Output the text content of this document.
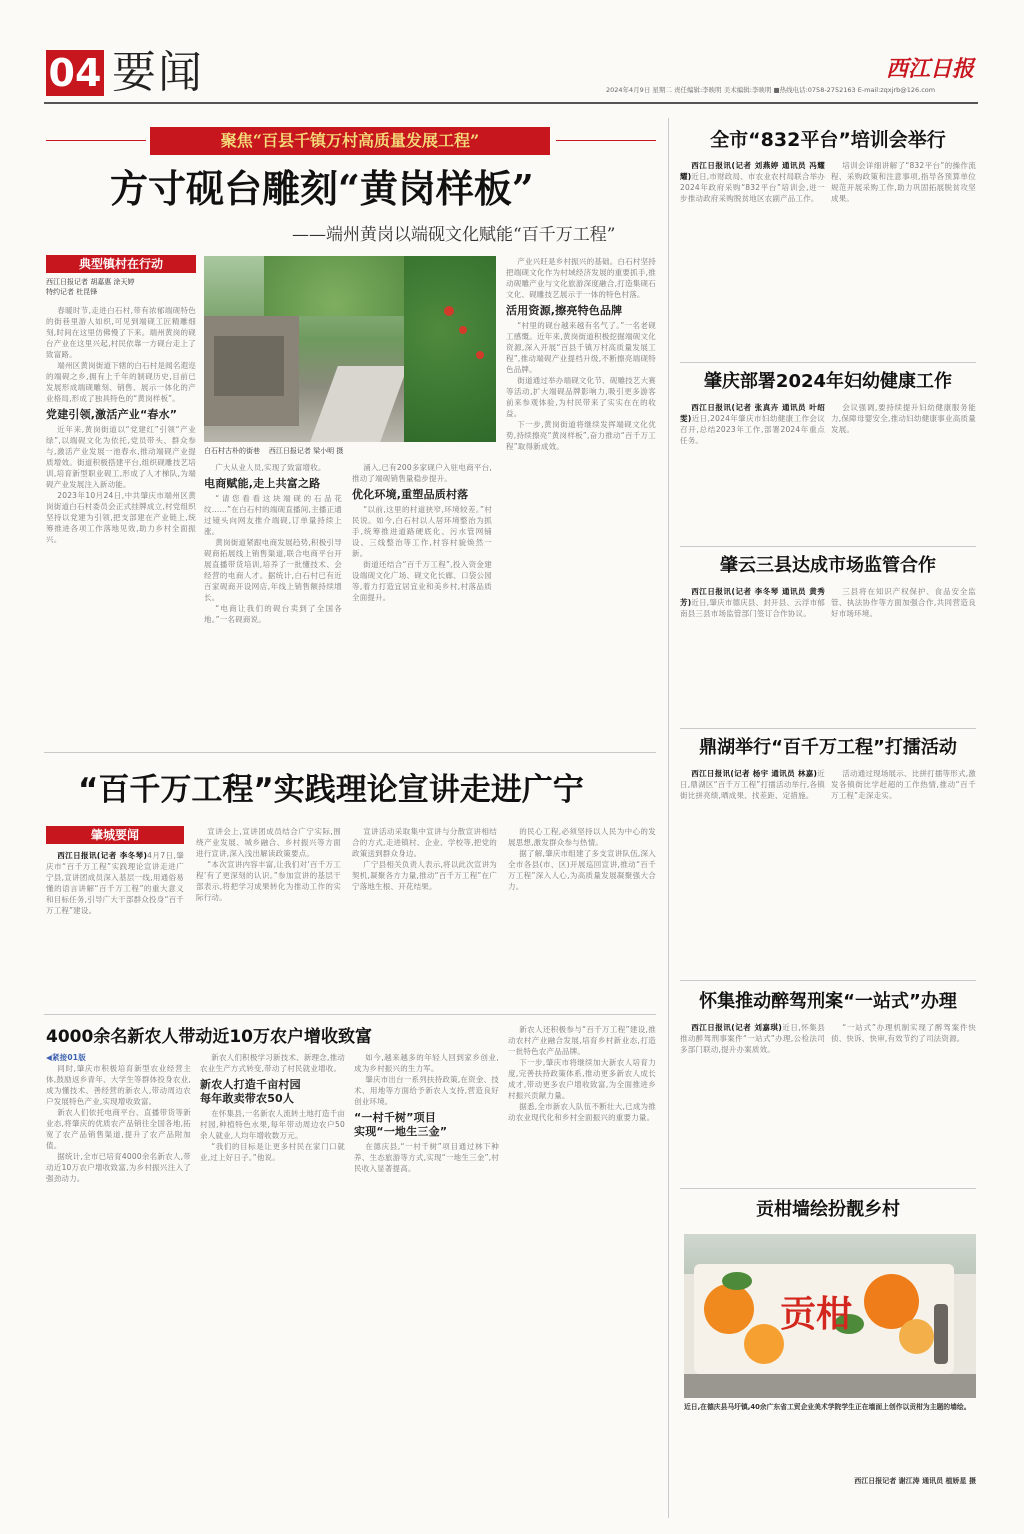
04 要闻	西江日报
2024年4月9日 星期二 责任编辑:李映明 美术编辑:李映明 ■热线电话:0758-2752163 E-mail:zqxjrb@126.com
聚焦“百县千镇万村高质量发展工程”
方寸砚台雕刻“黄岗样板”
——端州黄岗以端砚文化赋能“百千万工程”
典型镇村在行动
西江日报记者 胡嘉惠 涂天婷
特约记者 杜昆锋
春暖时节,走进白石村,带有浓郁端砚特色的街巷里游人如织,可见到端砚工匠精雕细刻,时间在这里仿佛慢了下来。端州黄岗的砚台产业在这里兴起,村民依靠一方砚台走上了致富路。
端州区黄岗街道下辖的白石村是闻名遐迩的端砚之乡,拥有上千年的制砚历史,目前已发展形成端砚雕刻、销售、展示一体化的产业格局,形成了独具特色的“黄岗样板”。
党建引领,激活产业“春水”
近年来,黄岗街道以“党建红”引领“产业绿”,以端砚文化为依托,党员带头、群众参与,激活产业发展一池春水,推动端砚产业提质增效。街道积极搭建平台,组织砚雕技艺培训,培育新型职业砚工,形成了人才梯队,为端砚产业发展注入新动能。
2023年10月24日,中共肇庆市端州区黄岗街道白石村委员会正式挂牌成立,村党组织坚持以党建为引领,把支部建在产业链上,统筹推进各项工作落地见效,助力乡村全面振兴。
白石村古朴的街巷 西江日报记者 梁小明 摄
广大从业人员,实现了致富增收。
电商赋能,走上共富之路
“请您看看这块端砚的石品花纹……”在白石村的端砚直播间,主播正通过镜头向网友推介端砚,订单量持续上涨。
黄岗街道紧跟电商发展趋势,积极引导砚商拓展线上销售渠道,联合电商平台开展直播带货培训,培养了一批懂技术、会经营的电商人才。据统计,白石村已有近百家砚商开设网店,年线上销售额持续增长。
“电商让我们的砚台卖到了全国各地。”一名砚商说。
涌入,已有200多家砚户入驻电商平台,推动了端砚销售量稳步提升。
优化环境,重塑品质村落
“以前,这里的村道狭窄,环境较差。”村民说。如今,白石村以人居环境整治为抓手,统筹推进道路硬底化、污水管网铺设、三线整治等工作,村容村貌焕然一新。
街道还结合“百千万工程”,投入资金建设端砚文化广场、砚文化长廊、口袋公园等,着力打造宜居宜业和美乡村,村落品质全面提升。
产业兴旺是乡村振兴的基础。白石村坚持把端砚文化作为村域经济发展的重要抓手,推动砚雕产业与文化旅游深度融合,打造集砚石文化、砚雕技艺展示于一体的特色村落。
活用资源,擦亮特色品牌
“村里的砚台越来越有名气了。”一名老砚工感慨。近年来,黄岗街道积极挖掘端砚文化资源,深入开展“百县千镇万村高质量发展工程”,推动端砚产业提档升级,不断擦亮端砚特色品牌。
街道通过举办端砚文化节、砚雕技艺大赛等活动,扩大端砚品牌影响力,吸引更多游客前来参观体验,为村民带来了实实在在的收益。
下一步,黄岗街道将继续发挥端砚文化优势,持续擦亮“黄岗样板”,奋力推动“百千万工程”取得新成效。
“百千万工程”实践理论宣讲走进广宁
肇城要闻
西江日报讯(记者 李冬琴)4月7日,肇庆市“百千万工程”实践理论宣讲走进广宁县,宣讲团成员深入基层一线,用通俗易懂的语言讲解“百千万工程”的重大意义和目标任务,引导广大干部群众投身“百千万工程”建设。
宣讲会上,宣讲团成员结合广宁实际,围绕产业发展、城乡融合、乡村振兴等方面进行宣讲,深入浅出解读政策要点。
“本次宣讲内容丰富,让我们对‘百千万工程’有了更深刻的认识。”参加宣讲的基层干部表示,将把学习成果转化为推动工作的实际行动。
宣讲活动采取集中宣讲与分散宣讲相结合的方式,走进镇村、企业、学校等,把党的政策送到群众身边。
广宁县相关负责人表示,将以此次宣讲为契机,凝聚各方力量,推动“百千万工程”在广宁落地生根、开花结果。
的民心工程,必须坚持以人民为中心的发展思想,激发群众参与热情。
据了解,肇庆市组建了多支宣讲队伍,深入全市各县(市、区)开展巡回宣讲,推动“百千万工程”深入人心,为高质量发展凝聚强大合力。
4000余名新农人带动近10万农户增收致富
◀紧接01版
同时,肇庆市积极培育新型农业经营主体,鼓励返乡青年、大学生等群体投身农业,成为懂技术、善经营的新农人,带动周边农户发展特色产业,实现增收致富。
新农人们依托电商平台、直播带货等新业态,将肇庆的优质农产品销往全国各地,拓宽了农产品销售渠道,提升了农产品附加值。
据统计,全市已培育4000余名新农人,带动近10万农户增收致富,为乡村振兴注入了强劲动力。
新农人们积极学习新技术、新理念,推动农业生产方式转变,带动了村民就业增收。
新农人打造千亩村园
每年敢卖带农50人
在怀集县,一名新农人流转土地打造千亩村园,种植特色水果,每年带动周边农户50余人就业,人均年增收数万元。
“我们的目标是让更多村民在家门口就业,过上好日子。”他说。
如今,越来越多的年轻人回到家乡创业,成为乡村振兴的生力军。
肇庆市出台一系列扶持政策,在资金、技术、用地等方面给予新农人支持,营造良好创业环境。
“一村千树”项目
实现“一地生三金”
在德庆县,“一村千树”项目通过林下种养、生态旅游等方式,实现“一地生三金”,村民收入显著提高。
新农人还积极参与“百千万工程”建设,推动农村产业融合发展,培育乡村新业态,打造一批特色农产品品牌。
下一步,肇庆市将继续加大新农人培育力度,完善扶持政策体系,推动更多新农人成长成才,带动更多农户增收致富,为全面推进乡村振兴贡献力量。
据悉,全市新农人队伍不断壮大,已成为推动农业现代化和乡村全面振兴的重要力量。
全市“832平台”培训会举行
西江日报讯(记者 刘燕婷 通讯员 冯耀耀)近日,市财政局、市农业农村局联合举办2024年政府采购“832平台”培训会,进一步推动政府采购脱贫地区农副产品工作。
培训会详细讲解了“832平台”的操作流程、采购政策和注意事项,指导各预算单位规范开展采购工作,助力巩固拓展脱贫攻坚成果。
肇庆部署2024年妇幼健康工作
西江日报讯(记者 张真卉 通讯员 叶绍雯)近日,2024年肇庆市妇幼健康工作会议召开,总结2023年工作,部署2024年重点任务。
会议强调,要持续提升妇幼健康服务能力,保障母婴安全,推动妇幼健康事业高质量发展。
肇云三县达成市场监管合作
西江日报讯(记者 李冬琴 通讯员 黄秀芳)近日,肇庆市德庆县、封开县、云浮市郁南县三县市场监管部门签订合作协议。
三县将在知识产权保护、食品安全监管、执法协作等方面加强合作,共同营造良好市场环境。
鼎湖举行“百千万工程”打擂活动
西江日报讯(记者 杨宇 通讯员 林嘉)近日,鼎湖区“百千万工程”打擂活动举行,各镇街比拼亮绩,晒成果、找差距、定措施。
活动通过现场展示、比拼打擂等形式,激发各镇街比学赶超的工作热情,推动“百千万工程”走深走实。
怀集推动醉驾刑案“一站式”办理
西江日报讯(记者 刘嘉琪)近日,怀集县推动醉驾刑事案件“一站式”办理,公检法司多部门联动,提升办案质效。
“一站式”办理机制实现了醉驾案件快侦、快诉、快审,有效节约了司法资源。
贡柑墙绘扮靓乡村
贡柑
近日,在德庆县马圩镇,40余广东省工贸企业美术学院学生正在墙面上创作以贡柑为主题的墙绘。
西江日报记者 谢江涛 通讯员 植娇星 摄
